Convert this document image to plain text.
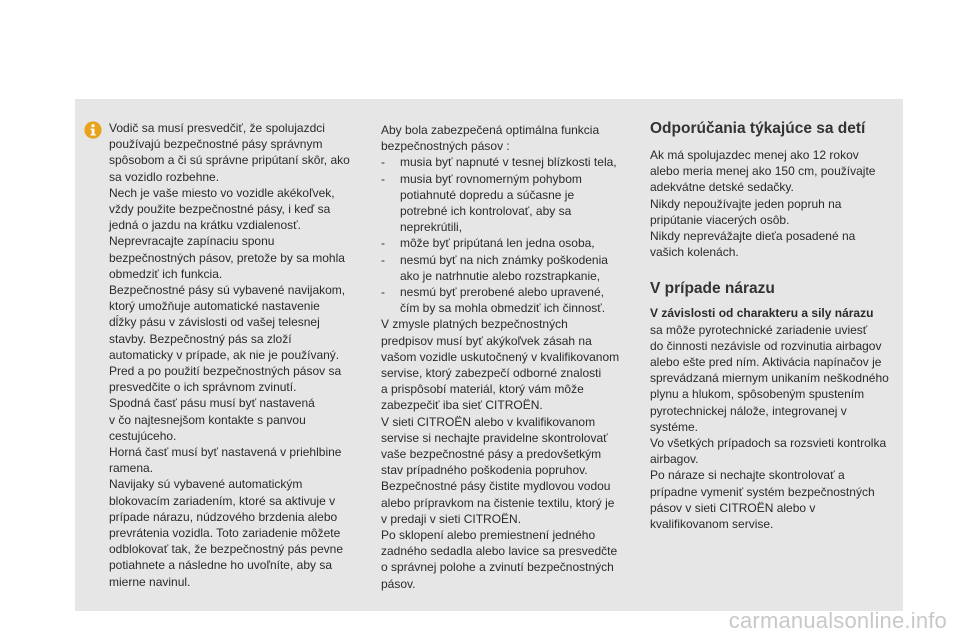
Vodič sa musí presvedčiť, že spolujazdci

používajú bezpečnostné pásy správnym

spôsobom a či sú správne pripútaní skôr, ako

sa vozidlo rozbehne.

Nech je vaše miesto vo vozidle akékoľvek,

vždy použite bezpečnostné pásy, i keď sa

jedná o jazdu na krátku vzdialenosť.

Neprevracajte zapínaciu sponu

bezpečnostných pásov, pretože by sa mohla

obmedziť ich funkcia.

Bezpečnostné pásy sú vybavené navijakom,

ktorý umožňuje automatické nastavenie

dĺžky pásu v závislosti od vašej telesnej

stavby. Bezpečnostný pás sa zloží

automaticky v prípade, ak nie je používaný.

Pred a po použití bezpečnostných pásov sa

presvedčite o ich správnom zvinutí.

Spodná časť pásu musí byť nastavená

v čo najtesnejšom kontakte s panvou

cestujúceho.

Horná časť musí byť nastavená v priehlbine

ramena.

Navijaky sú vybavené automatickým

blokovacím zariadením, ktoré sa aktivuje v

prípade nárazu, núdzového brzdenia alebo

prevrátenia vozidla. Toto zariadenie môžete

odblokovať tak, že bezpečnostný pás pevne

potiahnete a následne ho uvoľníte, aby sa

mierne navinul.

Aby bola zabezpečená optimálna funkcia

bezpečnostných pásov :

- musia byť napnuté v tesnej blízkosti tela,
- musia byť rovnomerným pohybom
potiahnuté dopredu a súčasne je
potrebné ich kontrolovať, aby sa
neprekrútili,
- môže byť pripútaná len jedna osoba,
- nesmú byť na nich známky poškodenia
ako je natrhnutie alebo rozstrapkanie,
- nesmú byť prerobené alebo upravené,
čím by sa mohla obmedziť ich činnosť.

V zmysle platných bezpečnostných

predpisov musí byť akýkoľvek zásah na

vašom vozidle uskutočnený v kvalifikovanom

servise, ktorý zabezpečí odborné znalosti

a prispôsobí materiál, ktorý vám môže

zabezpečiť iba sieť CITROËN.

V sieti CITROËN alebo v kvalifikovanom

servise si nechajte pravidelne skontrolovať

vaše bezpečnostné pásy a predovšetkým

stav prípadného poškodenia popruhov.

Bezpečnostné pásy čistite mydlovou vodou

alebo prípravkom na čistenie textilu, ktorý je

v predaji v sieti CITROËN.

Po sklopení alebo premiestnení jedného

zadného sedadla alebo lavice sa presvedčte

o správnej polohe a zvinutí bezpečnostných

pásov.

Odporúčania týkajúce sa detí

Ak má spolujazdec menej ako 12 rokov

alebo meria menej ako 150 cm, používajte

adekvátne detské sedačky.

Nikdy nepoužívajte jeden popruh na

pripútanie viacerých osôb.

Nikdy neprevážajte dieťa posadené na

vašich kolenách.

V prípade nárazu

V závislosti od charakteru a sily nárazu

sa môže pyrotechnické zariadenie uviesť

do činnosti nezávisle od rozvinutia airbagov

alebo ešte pred ním. Aktivácia napínačov je

sprevádzaná miernym unikaním neškodného

plynu a hlukom, spôsobeným spustením

pyrotechnickej nálože, integrovanej v

systéme.

Vo všetkých prípadoch sa rozsvieti kontrolka

airbagov.

Po náraze si nechajte skontrolovať a

prípadne vymeniť systém bezpečnostných

pásov v sieti CITROËN alebo v

kvalifikovanom servise.

carmanualsonline.info
